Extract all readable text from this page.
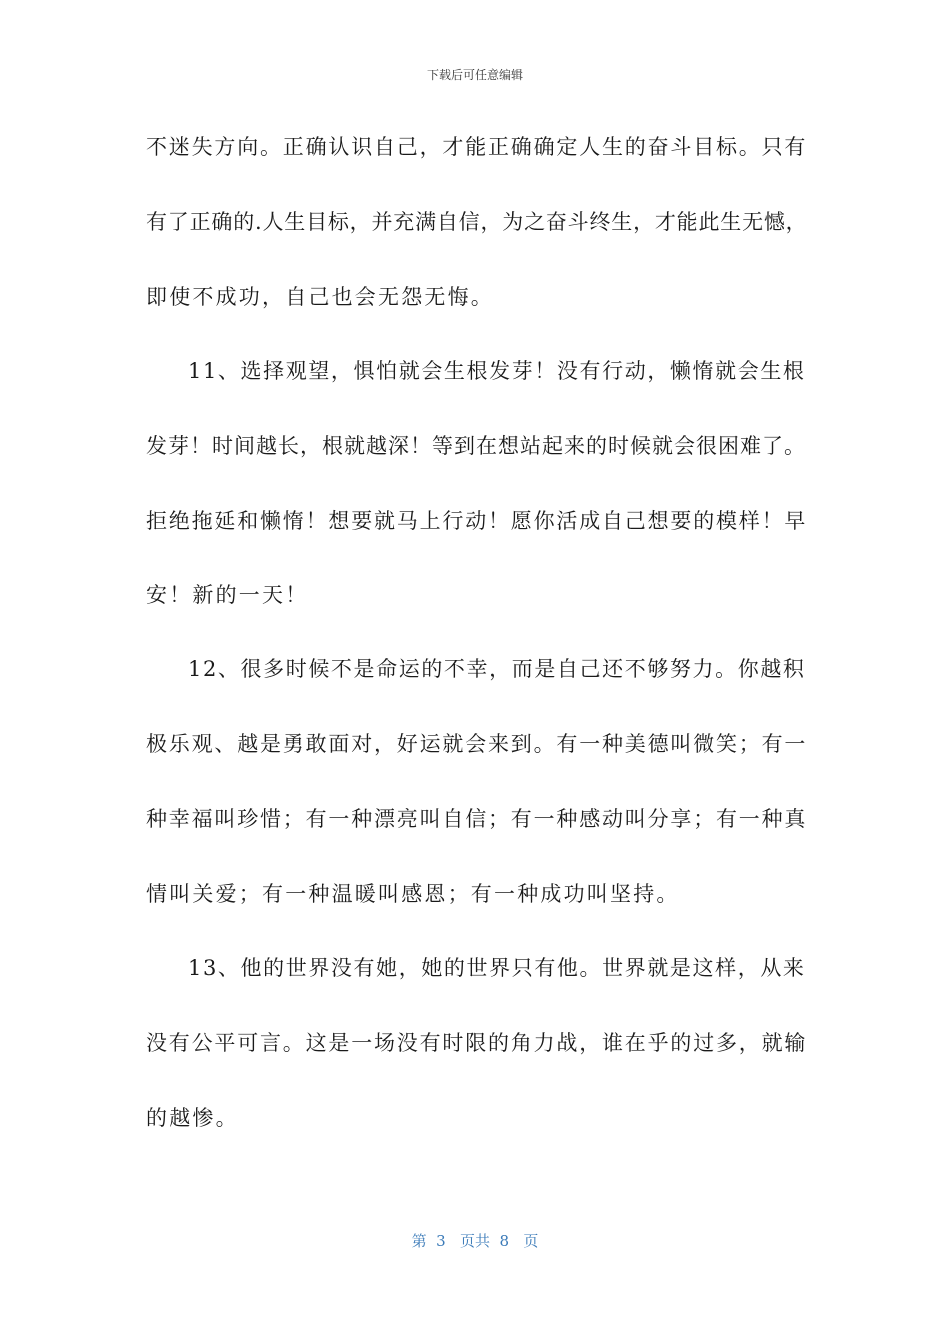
下载后可任意编辑
不迷失方向。正确认识自己，才能正确确定人生的奋斗目标。只有
有了正确的.人生目标，并充满自信，为之奋斗终生，才能此生无憾，
即使不成功，自己也会无怨无悔。
11、选择观望，惧怕就会生根发芽！没有行动，懒惰就会生根
发芽！时间越长，根就越深！等到在想站起来的时候就会很困难了。
拒绝拖延和懒惰！想要就马上行动！愿你活成自己想要的模样！早
安！新的一天！
12、很多时候不是命运的不幸，而是自己还不够努力。你越积
极乐观、越是勇敢面对，好运就会来到。有一种美德叫微笑；有一
种幸福叫珍惜；有一种漂亮叫自信；有一种感动叫分享；有一种真
情叫关爱；有一种温暖叫感恩；有一种成功叫坚持。
13、他的世界没有她，她的世界只有他。世界就是这样，从来
没有公平可言。这是一场没有时限的角力战，谁在乎的过多，就输
的越惨。
第  3   页共  8   页
